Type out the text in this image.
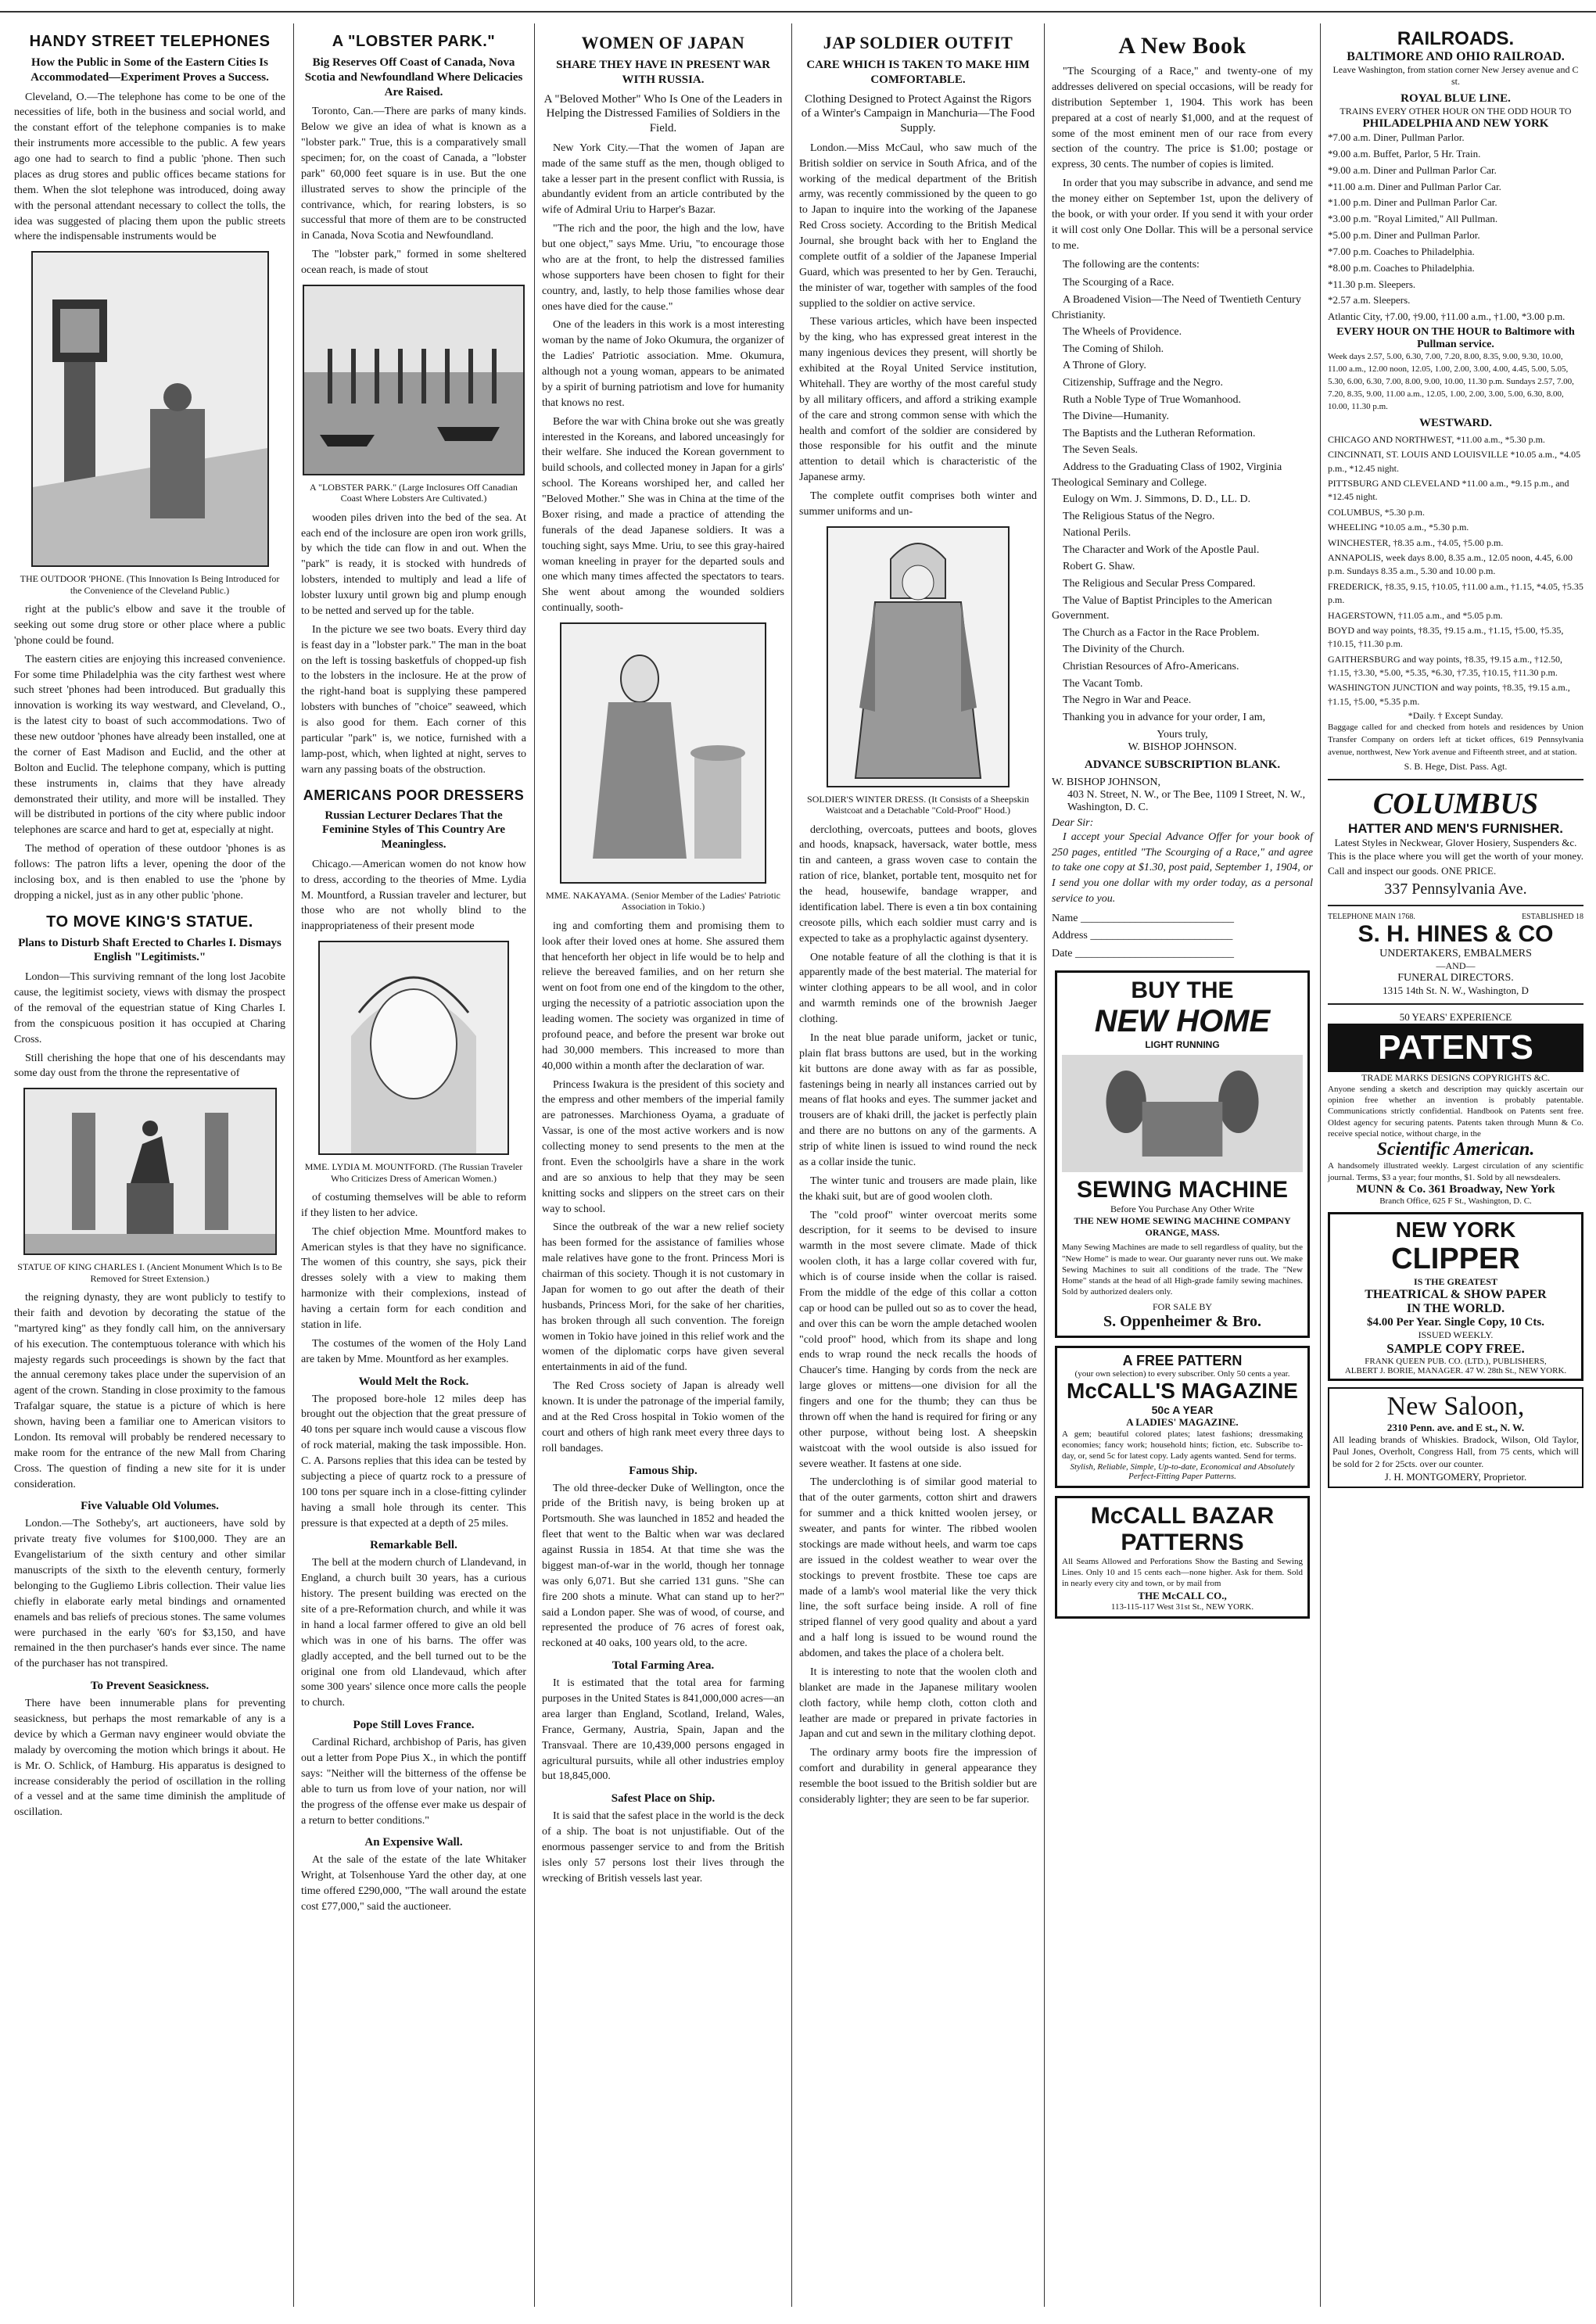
HANDY STREET TELEPHONES
How the Public in Some of the Eastern Cities Is Accommodated—Experiment Proves a Success.

Cleveland, O.—The telephone has come to be one of the necessities of life, both in the business and social world, and the constant effort of the telephone companies is to make their instruments more accessible to the public. A few years ago one had to search to find a public 'phone. Then such places as drug stores and public offices became stations for them. When the slot telephone was introduced, doing away with the personal attendant necessary to collect the tolls, the idea was suggested of placing them upon the public streets where the indispensable instruments would be

THE OUTDOOR 'PHONE. (This Innovation Is Being Introduced for the Convenience of the Cleveland Public.)

right at the public's elbow and save it the trouble of seeking out some drug store or other place where a public 'phone could be found.

The eastern cities are enjoying this increased convenience. For some time Philadelphia was the city farthest west where such street 'phones had been introduced. But gradually this innovation is working its way westward, and Cleveland, O., is the latest city to boast of such accommodations. Two of these new outdoor 'phones have already been installed, one at the corner of East Madison and Euclid, and the other at Bolton and Euclid. The telephone company, which is putting these instruments in, claims that they have already demonstrated their utility, and more will be installed. They will be distributed in portions of the city where public indoor telephones are scarce and hard to get at, especially at night.

The method of operation of these outdoor 'phones is as follows: The patron lifts a lever, opening the door of the inclosing box, and is then enabled to use the 'phone by dropping a nickel, just as in any other public 'phone.

TO MOVE KING'S STATUE.
Plans to Disturb Shaft Erected to Charles I. Dismays English "Legitimists."

London—This surviving remnant of the long lost Jacobite cause, the legitimist society, views with dismay the prospect of the removal of the equestrian statue of King Charles I. from the conspicuous position it has occupied at Charing Cross.

Still cherishing the hope that one of his descendants may some day oust from the throne the representative of

STATUE OF KING CHARLES I. (Ancient Monument Which Is to Be Removed for Street Extension.)

the reigning dynasty, they are wont publicly to testify to their faith and devotion by decorating the statue of the "martyred king" as they fondly call him, on the anniversary of his execution. The contemptuous tolerance with which his majesty regards such proceedings is shown by the fact that the annual ceremony takes place under the supervision of an agent of the crown. Standing in close proximity to the famous Trafalgar square, the statue is a picture of which is here shown, having been a familiar one to American visitors to London. Its removal will probably be rendered necessary to make room for the entrance of the new Mall from Charing Cross. The question of finding a new site for it is under consideration.

Five Valuable Old Volumes.

London.—The Sotheby's, art auctioneers, have sold by private treaty five volumes for $100,000. They are an Evangelistarium of the sixth century and other similar manuscripts of the sixth to the eleventh century, formerly belonging to the Gugliemo Libris collection. Their value lies chiefly in elaborate early metal bindings and ornamented enamels and bas reliefs of precious stones. The same volumes were purchased in the early '60's for $3,150, and have remained in the then purchaser's hands ever since. The name of the purchaser has not transpired.

To Prevent Seasickness.

There have been innumerable plans for preventing seasickness, but perhaps the most remarkable of any is a device by which a German navy engineer would obviate the malady by overcoming the motion which brings it about. He is Mr. O. Schlick, of Hamburg. His apparatus is designed to increase considerably the period of oscillation in the rolling of a vessel and at the same time diminish the amplitude of oscillation.

A "LOBSTER PARK."
Big Reserves Off Coast of Canada, Nova Scotia and Newfoundland Where Delicacies Are Raised.

Toronto, Can.—There are parks of many kinds. Below we give an idea of what is known as a "lobster park." True, this is a comparatively small specimen; for, on the coast of Canada, a "lobster park" 60,000 feet square is in use. But the one illustrated serves to show the principle of the contrivance, which, for rearing lobsters, is so successful that more of them are to be constructed in Canada, Nova Scotia and Newfoundland.

The "lobster park," formed in some sheltered ocean reach, is made of stout

A "LOBSTER PARK." (Large Inclosures Off Canadian Coast Where Lobsters Are Cultivated.)

wooden piles driven into the bed of the sea. At each end of the inclosure are open iron work grills, by which the tide can flow in and out. When the "park" is ready, it is stocked with hundreds of lobsters, intended to multiply and lead a life of lobster luxury until grown big and plump enough to be netted and served up for the table.

In the picture we see two boats. Every third day is feast day in a "lobster park." The man in the boat on the left is tossing basketfuls of chopped-up fish to the lobsters in the inclosure. He at the prow of the right-hand boat is supplying these pampered lobsters with bunches of "choice" seaweed, which is also good for them. Each corner of this particular "park" is, we notice, furnished with a lamp-post, which, when lighted at night, serves to warn any passing boats of the obstruction.

AMERICANS POOR DRESSERS
Russian Lecturer Declares That the Feminine Styles of This Country Are Meaningless.

Chicago.—American women do not know how to dress, according to the theories of Mme. Lydia M. Mountford, a Russian traveler and lecturer, but those who are not wholly blind to the inappropriateness of their present mode

MME. LYDIA M. MOUNTFORD. (The Russian Traveler Who Criticizes Dress of American Women.)

of costuming themselves will be able to reform if they listen to her advice.

The chief objection Mme. Mountford makes to American styles is that they have no significance. The women of this country, she says, pick their dresses solely with a view to making them harmonize with their complexions, instead of having a certain form for each condition and station in life.

The costumes of the women of the Holy Land are taken by Mme. Mountford as her examples.

Would Melt the Rock.

The proposed bore-hole 12 miles deep has brought out the objection that the great pressure of 40 tons per square inch would cause a viscous flow of rock material, making the task impossible. Hon. C. A. Parsons replies that this idea can be tested by subjecting a piece of quartz rock to a pressure of 100 tons per square inch in a close-fitting cylinder having a small hole through its center. This pressure is that expected at a depth of 25 miles.

Remarkable Bell.

The bell at the modern church of Llandevand, in England, a church built 30 years, has a curious history. The present building was erected on the site of a pre-Reformation church, and while it was in hand a local farmer offered to give an old bell which was in one of his barns. The offer was gladly accepted, and the bell turned out to be the original one from old Llandevaud, which after some 300 years' silence once more calls the people to church.

Pope Still Loves France.

Cardinal Richard, archbishop of Paris, has given out a letter from Pope Pius X., in which the pontiff says: "Neither will the bitterness of the offense be able to turn us from love of your nation, nor will the progress of the offense ever make us despair of a return to better conditions."

An Expensive Wall.

At the sale of the estate of the late Whitaker Wright, at Tolsenhouse Yard the other day, at one time offered £290,000, "The wall around the estate cost £77,000," said the auctioneer.

WOMEN OF JAPAN
SHARE THEY HAVE IN PRESENT WAR WITH RUSSIA.
A "Beloved Mother" Who Is One of the Leaders in Helping the Distressed Families of Soldiers in the Field.

New York City.—That the women of Japan are made of the same stuff as the men, though obliged to take a lesser part in the present conflict with Russia, is abundantly evident from an article contributed by the wife of Admiral Uriu to Harper's Bazar.

"The rich and the poor, the high and the low, have but one object," says Mme. Uriu, "to encourage those who are at the front, to help the distressed families whose supporters have been chosen to fight for their country, and, lastly, to help those families whose dear ones have died for the cause."

One of the leaders in this work is a most interesting woman by the name of Joko Okumura, the organizer of the Ladies' Patriotic association. Mme. Okumura, although not a young woman, appears to be animated by a spirit of burning patriotism and love for humanity that knows no rest.

Before the war with China broke out she was greatly interested in the Koreans, and labored unceasingly for their welfare. She induced the Korean government to build schools, and collected money in Japan for a girls' school. The Koreans worshiped her, and called her "Beloved Mother." She was in China at the time of the Boxer rising, and made a practice of attending the funerals of the dead Japanese soldiers. It was a touching sight, says Mme. Uriu, to see this gray-haired woman kneeling in prayer for the departed souls and one which many times affected the spectators to tears. She went about among the wounded soldiers continually, sooth-

MME. NAKAYAMA. (Senior Member of the Ladies' Patriotic Association in Tokio.)

ing and comforting them and promising them to look after their loved ones at home. She assured them that henceforth her object in life would be to help and relieve the bereaved families, and on her return she went on foot from one end of the kingdom to the other, urging the necessity of a patriotic association upon the leading women. The society was organized in time of profound peace, and before the present war broke out had 30,000 members. This increased to more than 40,000 within a month after the declaration of war.

Princess Iwakura is the president of this society and the empress and other members of the imperial family are patronesses. Marchioness Oyama, a graduate of Vassar, is one of the most active workers and is now collecting money to send presents to the men at the front. Even the schoolgirls have a share in the work and are so anxious to help that they may be seen knitting socks and slippers on the street cars on their way to school.

Since the outbreak of the war a new relief society has been formed for the assistance of families whose male relatives have gone to the front. Princess Mori is chairman of this society. Though it is not customary in Japan for women to go out after the death of their husbands, Princess Mori, for the sake of her charities, has broken through all such convention. The foreign women in Tokio have joined in this relief work and the women of the diplomatic corps have given several entertainments in aid of the fund.

The Red Cross society of Japan is already well known. It is under the patronage of the imperial family, and at the Red Cross hospital in Tokio women of the court and others of high rank meet every three days to roll bandages.

Famous Ship.

The old three-decker Duke of Wellington, once the pride of the British navy, is being broken up at Portsmouth. She was launched in 1852 and headed the fleet that went to the Baltic when war was declared against Russia in 1854. At that time she was the biggest man-of-war in the world, though her tonnage was only 6,071. But she carried 131 guns. "She can fire 200 shots a minute. What can stand up to her?" said a London paper. She was of wood, of course, and represented the produce of 76 acres of forest oak, reckoned at 40 oaks, 100 years old, to the acre.

Total Farming Area.

It is estimated that the total area for farming purposes in the United States is 841,000,000 acres—an area larger than England, Scotland, Ireland, Wales, France, Germany, Austria, Spain, Japan and the Transvaal. There are 10,439,000 persons engaged in agricultural pursuits, while all other industries employ but 18,845,000.

Safest Place on Ship.

It is said that the safest place in the world is the deck of a ship. The boat is not unjustifiable. Out of the enormous passenger service to and from the British isles only 57 persons lost their lives through the wrecking of British vessels last year.

JAP SOLDIER OUTFIT
CARE WHICH IS TAKEN TO MAKE HIM COMFORTABLE.
Clothing Designed to Protect Against the Rigors of a Winter's Campaign in Manchuria—The Food Supply.

London.—Miss McCaul, who saw much of the British soldier on service in South Africa, and of the working of the medical department of the British army, was recently commissioned by the queen to go to Japan to inquire into the working of the Japanese Red Cross society. According to the British Medical Journal, she brought back with her to England the complete outfit of a soldier of the Japanese Imperial Guard, which was presented to her by Gen. Terauchi, the minister of war, together with samples of the food supplied to the soldier on active service.

These various articles, which have been inspected by the king, who has expressed great interest in the many ingenious devices they present, will shortly be exhibited at the Royal United Service institution, Whitehall. They are worthy of the most careful study by all military officers, and afford a striking example of the care and strong common sense with which the health and comfort of the soldier are considered by those responsible for his outfit and the minute attention to detail which is characteristic of the Japanese army.

The complete outfit comprises both winter and summer uniforms and un-

SOLDIER'S WINTER DRESS. (It Consists of a Sheepskin Waistcoat and a Detachable "Cold-Proof" Hood.)

derclothing, overcoats, puttees and boots, gloves and hoods, knapsack, haversack, water bottle, mess tin and canteen, a grass woven case to contain the ration of rice, blanket, portable tent, mosquito net for the head, housewife, bandage wrapper, and identification label. There is even a tin box containing creosote pills, which each soldier must carry and is expected to take as a prophylactic against dysentery.

One notable feature of all the clothing is that it is apparently made of the best material. The material for winter clothing appears to be all wool, and in color and warmth reminds one of the brownish Jaeger clothing.

In the neat blue parade uniform, jacket or tunic, plain flat brass buttons are used, but in the working kit buttons are done away with as far as possible, fastenings being in nearly all instances carried out by means of flat hooks and eyes. The summer jacket and trousers are of khaki drill, the jacket is perfectly plain and there are no buttons on any of the garments. A strip of white linen is issued to wind round the neck as a collar inside the tunic.

The winter tunic and trousers are made plain, like the khaki suit, but are of good woolen cloth.

The "cold proof" winter overcoat merits some description, for it seems to be devised to insure warmth in the most severe climate. Made of thick woolen cloth, it has a large collar covered with fur, which is of course inside when the collar is raised. From the middle of the edge of this collar a cotton cap or hood can be pulled out so as to cover the head, and over this can be worn the ample detached woolen "cold proof" hood, which from its shape and long ends to wrap round the neck recalls the hoods of Chaucer's time. Hanging by cords from the neck are large gloves or mittens—one division for all the fingers and one for the thumb; they can thus be thrown off when the hand is required for firing or any other purpose, without being lost. A sheepskin waistcoat with the wool outside is also issued for severe weather. It fastens at one side.

The underclothing is of similar good material to that of the outer garments, cotton shirt and drawers for summer and a thick knitted woolen jersey, or sweater, and pants for winter. The ribbed woolen stockings are made without heels, and warm toe caps are issued in the coldest weather to wear over the stockings to prevent frostbite. These toe caps are made of a lamb's wool material like the very thick line, the soft surface being inside. A roll of fine striped flannel of very good quality and about a yard and a half long is issued to be wound round the abdomen, and takes the place of a cholera belt.

It is interesting to note that the woolen cloth and blanket are made in the Japanese military woolen cloth factory, while hemp cloth, cotton cloth and leather are made or prepared in private factories in Japan and cut and sewn in the military clothing depot.

The ordinary army boots fire the impression of comfort and durability in general appearance they resemble the boot issued to the British soldier but are considerably lighter; they are seen to be far superior.

A New Book

"The Scourging of a Race," and twenty-one of my addresses delivered on special occasions, will be ready for distribution September 1, 1904. This work has been prepared at a cost of nearly $1,000, and at the request of some of the most eminent men of our race from every section of the country. The price is $1.00; postage or express, 30 cents. The number of copies is limited.

In order that you may subscribe in advance, and send me the money either on September 1st, upon the delivery of the book, or with your order. If you send it with your order it will cost only One Dollar. This will be a personal service to me.

The following are the contents:

The Scourging of a Race.
A Broadened Vision—The Need of Twentieth Century Christianity.
The Wheels of Providence.
The Coming of Shiloh.
A Throne of Glory.
Citizenship, Suffrage and the Negro.
Ruth a Noble Type of True Womanhood.
The Divine—Humanity.
The Baptists and the Lutheran Reformation.
The Seven Seals.
Address to the Graduating Class of 1902, Virginia Theological Seminary and College.
Eulogy on Wm. J. Simmons, D. D., LL. D.
The Religious Status of the Negro.
National Perils.
The Character and Work of the Apostle Paul.
Robert G. Shaw.
The Religious and Secular Press Compared.
The Value of Baptist Principles to the American Government.
The Church as a Factor in the Race Problem.
The Divinity of the Church.
Christian Resources of Afro-Americans.
The Vacant Tomb.
The Negro in War and Peace.

Thanking you in advance for your order, I am,

Yours truly,
W. BISHOP JOHNSON.
ADVANCE SUBSCRIPTION BLANK.
W. BISHOP JOHNSON,
403 N. Street, N. W., or The Bee, 1109 I Street, N. W., Washington, D. C.
Dear Sir:

I accept your Special Advance Offer for your book of 250 pages, entitled "The Scourging of a Race," and agree to take one copy at $1.30, post paid, September 1, 1904, or I send you one dollar with my order today, as a personal service to you.

Name ____________________________
Address __________________________
Date _____________________________
BUY THE
NEW HOME
LIGHT RUNNING
SEWING MACHINE
Before You Purchase Any Other Write
THE NEW HOME SEWING MACHINE COMPANY ORANGE, MASS.
Many Sewing Machines are made to sell regardless of quality, but the "New Home" is made to wear. Our guaranty never runs out. We make Sewing Machines to suit all conditions of the trade. The "New Home" stands at the head of all High-grade family sewing machines. Sold by authorized dealers only.
FOR SALE BY
S. Oppenheimer & Bro.
A FREE PATTERN
(your own selection) to every subscriber. Only 50 cents a year.
McCALL'S MAGAZINE
50c A YEAR
A LADIES' MAGAZINE.
A gem; beautiful colored plates; latest fashions; dressmaking economies; fancy work; household hints; fiction, etc. Subscribe to-day, or, send 5c for latest copy. Lady agents wanted. Send for terms.
Stylish, Reliable, Simple, Up-to-date, Economical and Absolutely Perfect-Fitting Paper Patterns.
McCALL BAZAR PATTERNS
All Seams Allowed and Perforations Show the Basting and Sewing Lines. Only 10 and 15 cents each—none higher. Ask for them. Sold in nearly every city and town, or by mail from
THE McCALL CO.,
113-115-117 West 31st St., NEW YORK.
RAILROADS.
BALTIMORE AND OHIO RAILROAD.
Leave Washington, from station corner New Jersey avenue and C st.
ROYAL BLUE LINE.
TRAINS EVERY OTHER HOUR ON THE ODD HOUR TO
PHILADELPHIA AND NEW YORK
*7.00 a.m. Diner, Pullman Parlor.
*9.00 a.m. Buffet, Parlor, 5 Hr. Train.
*9.00 a.m. Diner and Pullman Parlor Car.
*11.00 a.m. Diner and Pullman Parlor Car.
*1.00 p.m. Diner and Pullman Parlor Car.
*3.00 p.m. "Royal Limited," All Pullman.
*5.00 p.m. Diner and Pullman Parlor.
*7.00 p.m. Coaches to Philadelphia.
*8.00 p.m. Coaches to Philadelphia.
*11.30 p.m. Sleepers.
*2.57 a.m. Sleepers.
Atlantic City, †7.00, †9.00, †11.00 a.m., †1.00, *3.00 p.m.
EVERY HOUR ON THE HOUR to Baltimore with Pullman service.
Week days 2.57, 5.00, 6.30, 7.00, 7.20, 8.00, 8.35, 9.00, 9.30, 10.00, 11.00 a.m., 12.00 noon, 12.05, 1.00, 2.00, 3.00, 4.00, 4.45, 5.00, 5.05, 5.30, 6.00, 6.30, 7.00, 8.00, 9.00, 10.00, 11.30 p.m. Sundays 2.57, 7.00, 7.20, 8.35, 9.00, 11.00 a.m., 12.05, 1.00, 2.00, 3.00, 5.00, 6.30, 8.00, 10.00, 11.30 p.m.
WESTWARD.
CHICAGO AND NORTHWEST, *11.00 a.m., *5.30 p.m.
CINCINNATI, ST. LOUIS AND LOUISVILLE *10.05 a.m., *4.05 p.m., *12.45 night.
PITTSBURG AND CLEVELAND *11.00 a.m., *9.15 p.m., and *12.45 night.
COLUMBUS, *5.30 p.m.
WHEELING *10.05 a.m., *5.30 p.m.
WINCHESTER, †8.35 a.m., †4.05, †5.00 p.m.
ANNAPOLIS, week days 8.00, 8.35 a.m., 12.05 noon, 4.45, 6.00 p.m. Sundays 8.35 a.m., 5.30 and 10.00 p.m.
FREDERICK, †8.35, 9.15, †10.05, †11.00 a.m., †1.15, *4.05, †5.35 p.m.
HAGERSTOWN, †11.05 a.m., and *5.05 p.m.
BOYD and way points, †8.35, †9.15 a.m., †1.15, †5.00, †5.35, †10.15, †11.30 p.m.
GAITHERSBURG and way points, †8.35, †9.15 a.m., †12.50, †1.15, †3.30, *5.00, *5.35, *6.30, †7.35, †10.15, †11.30 p.m.
WASHINGTON JUNCTION and way points, †8.35, †9.15 a.m., †1.15, †5.00, *5.35 p.m.
*Daily. † Except Sunday.
Baggage called for and checked from hotels and residences by Union Transfer Company on orders left at ticket offices, 619 Pennsylvania avenue, northwest, New York avenue and Fifteenth street, and at station.
S. B. Hege, Dist. Pass. Agt.
COLUMBUS
HATTER AND MEN'S FURNISHER.
Latest Styles in Neckwear, Glover Hosiery, Suspenders &c.
This is the place where you will get the worth of your money. Call and inspect our goods. ONE PRICE.
337 Pennsylvania Ave.
TELEPHONE MAIN 1768.	ESTABLISHED 18
S. H. HINES & CO
UNDERTAKERS, EMBALMERS
—AND—
FUNERAL DIRECTORS.
1315 14th St. N. W., Washington, D
50 YEARS' EXPERIENCE
PATENTS
TRADE MARKS DESIGNS COPYRIGHTS &C.
Anyone sending a sketch and description may quickly ascertain our opinion free whether an invention is probably patentable. Communications strictly confidential. Handbook on Patents sent free. Oldest agency for securing patents. Patents taken through Munn & Co. receive special notice, without charge, in the
Scientific American.
A handsomely illustrated weekly. Largest circulation of any scientific journal. Terms, $3 a year; four months, $1. Sold by all newsdealers.
MUNN & Co. 361 Broadway, New York
Branch Office, 625 F St., Washington, D. C.
NEW YORK
CLIPPER
IS THE GREATEST
THEATRICAL & SHOW PAPER
IN THE WORLD.
$4.00 Per Year. Single Copy, 10 Cts.
ISSUED WEEKLY.
SAMPLE COPY FREE.
FRANK QUEEN PUB. CO. (LTD.), PUBLISHERS,
ALBERT J. BORIE, MANAGER. 47 W. 28th St., NEW YORK.
New Saloon,
2310 Penn. ave. and E st., N. W.
All leading brands of Whiskies. Bradock, Wilson, Old Taylor, Paul Jones, Overholt, Congress Hall, from 75 cents, which will be sold for 2 for 25cts. over our counter.
J. H. MONTGOMERY, Proprietor.
